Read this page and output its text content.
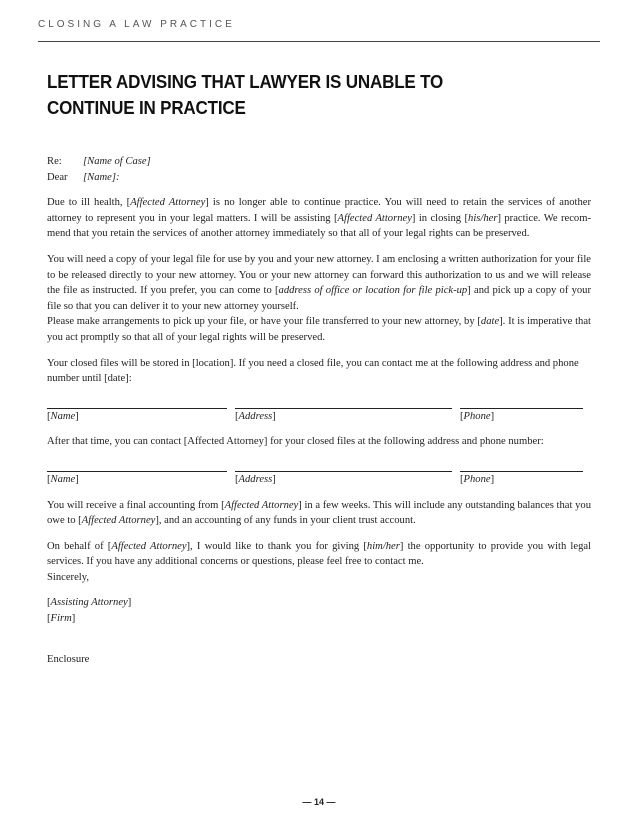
CLOSING A LAW PRACTICE
LETTER ADVISING THAT LAWYER IS UNABLE TO CONTINUE IN PRACTICE
Re:	[Name of Case]
Dear	[Name]:

Due to ill health, [Affected Attorney] is no longer able to continue practice. You will need to retain the services of another attorney to represent you in your legal matters. I will be assisting [Affected Attorney] in closing [his/her] practice. We recom-mend that you retain the services of another attorney immediately so that all of your legal rights can be preserved.

You will need a copy of your legal file for use by you and your new attorney. I am enclosing a written authorization for your file to be released directly to your new attorney. You or your new attorney can forward this authorization to us and we will release the file as instructed. If you prefer, you can come to [address of office or location for file pick-up] and pick up a copy of your file so that you can deliver it to your new attorney yourself.

Please make arrangements to pick up your file, or have your file transferred to your new attorney, by [date]. It is imperative that you act promptly so that all of your legal rights will be preserved.

Your closed files will be stored in [location]. If you need a closed file, you can contact me at the following address and phone number until [date]:

[Name]	[Address]	[Phone]

After that time, you can contact [Affected Attorney] for your closed files at the following address and phone number:

[Name]	[Address]	[Phone]

You will receive a final accounting from [Affected Attorney] in a few weeks. This will include any outstanding balances that you owe to [Affected Attorney], and an accounting of any funds in your client trust account.

On behalf of [Affected Attorney], I would like to thank you for giving [him/her] the opportunity to provide you with legal services. If you have any additional concerns or questions, please feel free to contact me.

Sincerely,
[Assisting Attorney]
[Firm]
Enclosure
— 14 —
